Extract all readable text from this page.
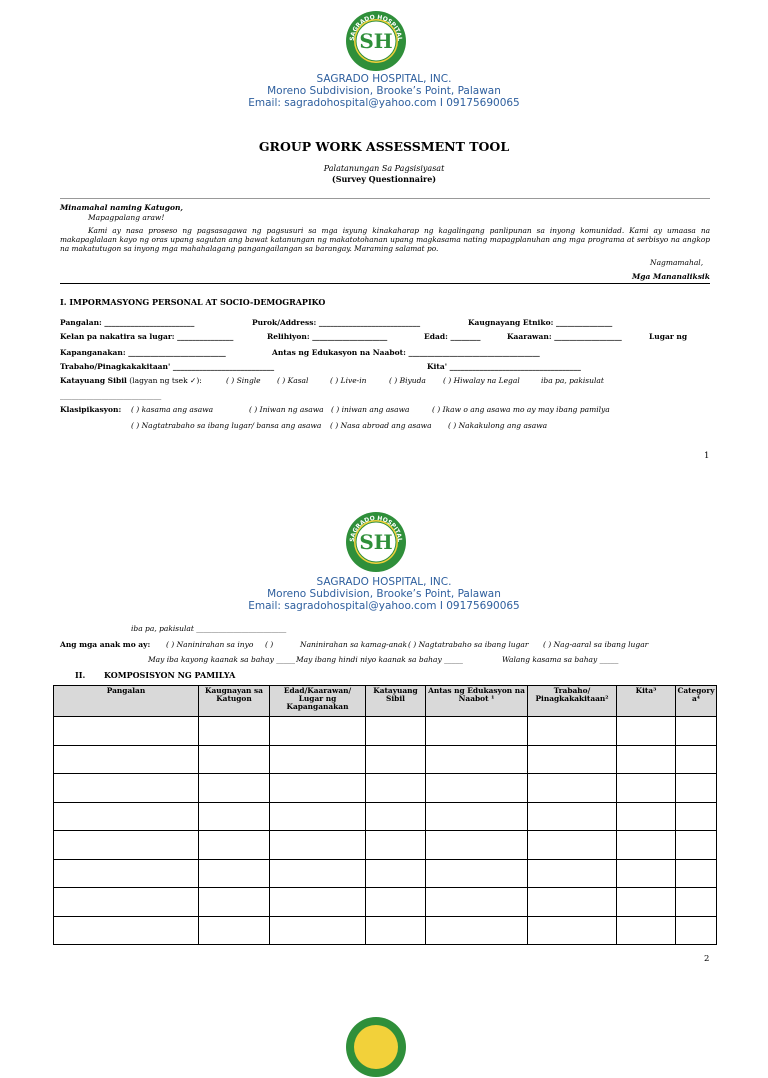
SH
SAGRADO HOSPITAL
SAGRADO HOSPITAL, INC.
Moreno Subdivision, Brooke’s Point, Palawan
Email: sagradohospital@yahoo.com I 09175690065
GROUP WORK ASSESSMENT TOOL
Palatanungan Sa Pagsisiyasat
(Survey Questionnaire)
Minamahal naming Katugon,
Mapagpalang araw!
Kami ay nasa proseso ng pagsasagawa ng pagsusuri sa mga isyung kinakaharap ng kagalingang panlipunan sa inyong komunidad. Kami ay umaasa na makapaglalaan kayo ng oras upang sagutan ang bawat katanungan ng makatotohanan upang magkasama nating mapagplanuhan ang mga programa at serbisyo na angkop na makatutugon sa inyong mga mahahalagang pangangailangan sa barangay. Maraming salamat po.
Nagmamahal,
Mga Mananaliksik
I. IMPORMASYONG PERSONAL AT SOCIO-DEMOGRAPIKO
Pangalan: ________________________	Purok/Address: ___________________________	Kaugnayang Etniko: _______________
Kelan pa nakatira sa lugar: _______________	Relihiyon: ____________________	Edad: ________	Kaarawan: __________________	Lugar ng
Kapanganakan: __________________________	Antas ng Edukasyon na Naabot: ___________________________________
Trabaho/Pinagkakakitaan' ___________________________	Kita' ___________________________________
Katayuang Sibil (lagyan ng tsek ✓):	( ) Single ( ) Kasal	( ) Live-in	( ) Biyuda ( ) Hiwalay na Legal	iba pa, pakisulat
___________________________
Klasipikasyon: ( ) kasama ang asawa	( ) Iniwan ng asawa ( ) iniwan ang asawa	( ) Ikaw o ang asawa mo ay may ibang pamilya
( ) Nagtatrabaho sa ibang lugar/ bansa ang asawa ( ) Nasa abroad ang asawa ( ) Nakakulong ang asawa
1
SH
SAGRADO HOSPITAL
SAGRADO HOSPITAL, INC.
Moreno Subdivision, Brooke’s Point, Palawan
Email: sagradohospital@yahoo.com I 09175690065
iba pa, pakisulat ________________________
Ang mga anak mo ay: ( ) Naninirahan sa inyo ( )	Naninirahan sa kamag-anak ( ) Nagtatrabaho sa ibang lugar ( ) Nag-aaral sa ibang lugar
May iba kayong kaanak sa bahay _____ May ibang hindi niyo kaanak sa bahay _____	Walang kasama sa bahay _____
II. KOMPOSISYON NG PAMILYA
Pangalan	Kaugnayan sa Katugon	Edad/Kaarawan/ Lugar ng Kapanganakan	Katayuang Sibil	Antas ng Edukasyon na Naabot ¹	Trabaho/ Pinagkakakitaan²	Kita³	Category a⁴

2
